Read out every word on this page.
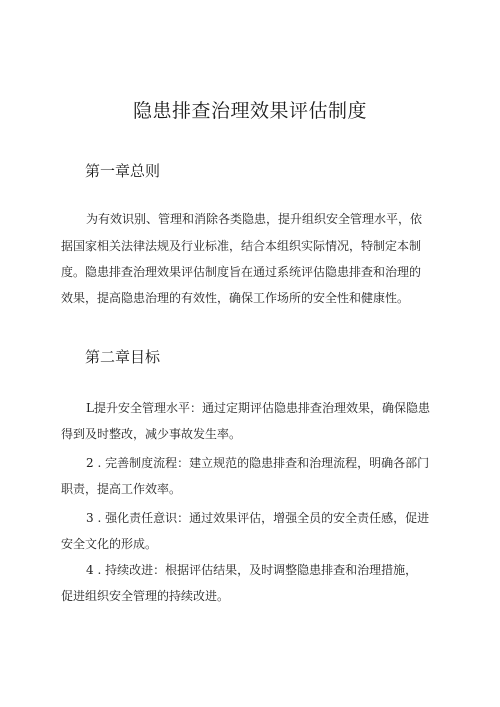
隐患排查治理效果评估制度
第一章总则
为有效识别、管理和消除各类隐患，提升组织安全管理水平，依
据国家相关法律法规及行业标准，结合本组织实际情况，特制定本制
度。隐患排查治理效果评估制度旨在通过系统评估隐患排查和治理的
效果，提高隐患治理的有效性，确保工作场所的安全性和健康性。
第二章目标
L提升安全管理水平：通过定期评估隐患排查治理效果，确保隐患
得到及时整改，减少事故发生率。
2 . 完善制度流程：建立规范的隐患排查和治理流程，明确各部门
职责，提高工作效率。
3 . 强化责任意识：通过效果评估，增强全员的安全责任感，促进
安全文化的形成。
4 . 持续改进：根据评估结果，及时调整隐患排查和治理措施，
促进组织安全管理的持续改进。
